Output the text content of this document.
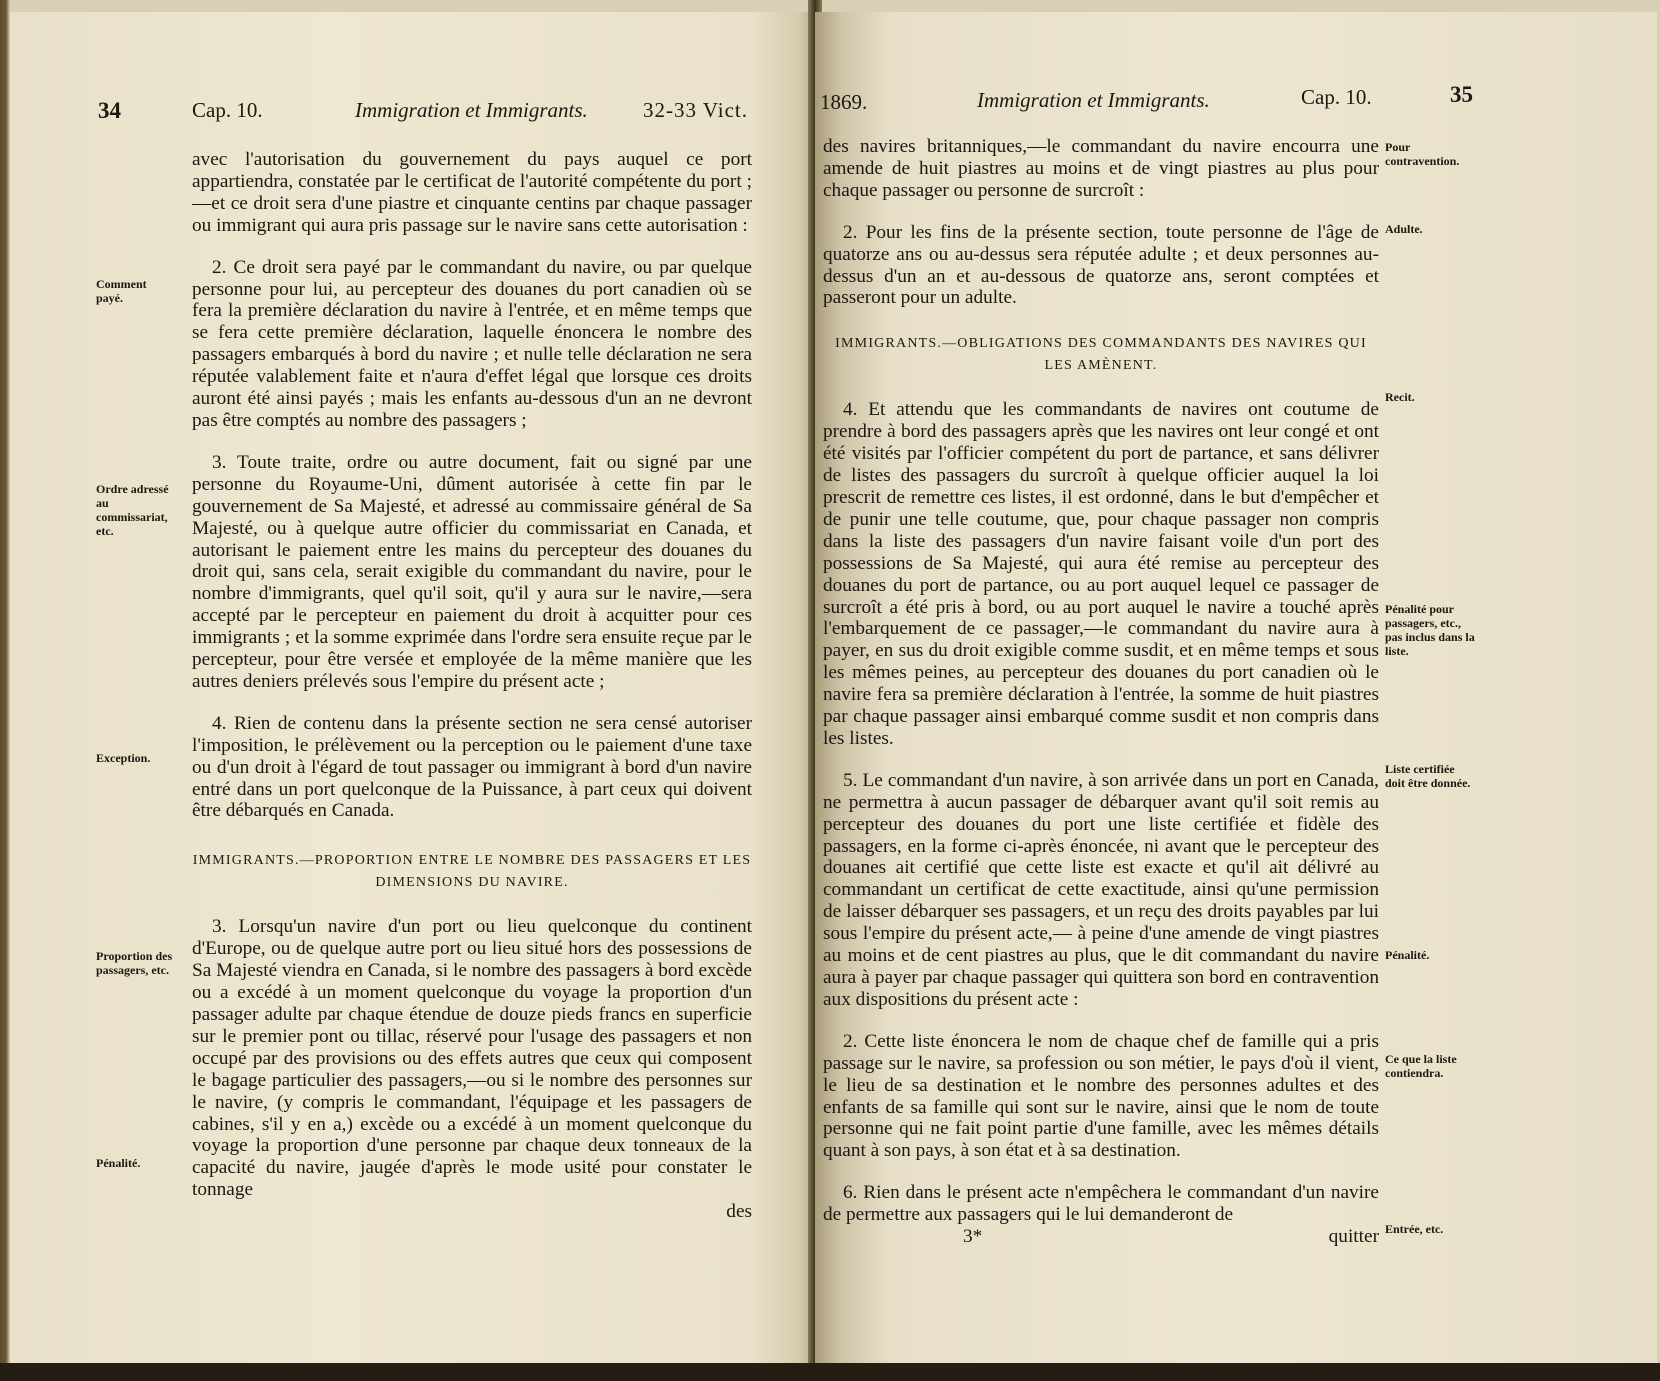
34	Cap. 10.	Immigration et Immigrants.	32-33 Vict.

avec l'autorisation du gouvernement du pays auquel ce port appartiendra, constatée par le certificat de l'autorité compétente du port ;—et ce droit sera d'une piastre et cinquante centins par chaque passager ou immigrant qui aura pris passage sur le navire sans cette autorisation :

2. Ce droit sera payé par le commandant du navire, ou par quelque personne pour lui, au percepteur des douanes du port canadien où se fera la première déclaration du navire à l'entrée, et en même temps que se fera cette première déclaration, laquelle énoncera le nombre des passagers embarqués à bord du navire ; et nulle telle déclaration ne sera réputée valablement faite et n'aura d'effet légal que lorsque ces droits auront été ainsi payés ; mais les enfants au-dessous d'un an ne devront pas être comptés au nombre des passagers ;

3. Toute traite, ordre ou autre document, fait ou signé par une personne du Royaume-Uni, dûment autorisée à cette fin par le gouvernement de Sa Majesté, et adressé au commissaire général de Sa Majesté, ou à quelque autre officier du commissariat en Canada, et autorisant le paiement entre les mains du percepteur des douanes du droit qui, sans cela, serait exigible du commandant du navire, pour le nombre d'immigrants, quel qu'il soit, qu'il y aura sur le navire,—sera accepté par le percepteur en paiement du droit à acquitter pour ces immigrants ; et la somme exprimée dans l'ordre sera ensuite reçue par le percepteur, pour être versée et employée de la même manière que les autres deniers prélevés sous l'empire du présent acte ;

4. Rien de contenu dans la présente section ne sera censé autoriser l'imposition, le prélèvement ou la perception ou le paiement d'une taxe ou d'un droit à l'égard de tout passager ou immigrant à bord d'un navire entré dans un port quelconque de la Puissance, à part ceux qui doivent être débarqués en Canada.

IMMIGRANTS.—PROPORTION ENTRE LE NOMBRE DES PASSAGERS ET LES DIMENSIONS DU NAVIRE.

3. Lorsqu'un navire d'un port ou lieu quelconque du continent d'Europe, ou de quelque autre port ou lieu situé hors des possessions de Sa Majesté viendra en Canada, si le nombre des passagers à bord excède ou a excédé à un moment quelconque du voyage la proportion d'un passager adulte par chaque étendue de douze pieds francs en superficie sur le premier pont ou tillac, réservé pour l'usage des passagers et non occupé par des provisions ou des effets autres que ceux qui composent le bagage particulier des passagers,—ou si le nombre des personnes sur le navire, (y compris le commandant, l'équipage et les passagers de cabines, s'il y en a,) excède ou a excédé à un moment quelconque du voyage la proportion d'une personne par chaque deux tonneaux de la capacité du navire, jaugée d'après le mode usité pour constater le tonnage

des
Comment payé.
Ordre adressé au commissariat, etc.
Exception.
Proportion des passagers, etc.
Pénalité.
1869.	Immigration et Immigrants.	Cap. 10.	35

des navires britanniques,—le commandant du navire encourra une amende de huit piastres au moins et de vingt piastres au plus pour chaque passager ou personne de surcroît :

2. Pour les fins de la présente section, toute personne de l'âge de quatorze ans ou au-dessus sera réputée adulte ; et deux personnes au-dessus d'un an et au-dessous de quatorze ans, seront comptées et passeront pour un adulte.

IMMIGRANTS.—OBLIGATIONS DES COMMANDANTS DES NAVIRES QUI LES AMÈNENT.

4. Et attendu que les commandants de navires ont coutume de prendre à bord des passagers après que les navires ont leur congé et ont été visités par l'officier compétent du port de partance, et sans délivrer de listes des passagers du surcroît à quelque officier auquel la loi prescrit de remettre ces listes, il est ordonné, dans le but d'empêcher et de punir une telle coutume, que, pour chaque passager non compris dans la liste des passagers d'un navire faisant voile d'un port des possessions de Sa Majesté, qui aura été remise au percepteur des douanes du port de partance, ou au port auquel lequel ce passager de surcroît a été pris à bord, ou au port auquel le navire a touché après l'embarquement de ce passager,—le commandant du navire aura à payer, en sus du droit exigible comme susdit, et en même temps et sous les mêmes peines, au percepteur des douanes du port canadien où le navire fera sa première déclaration à l'entrée, la somme de huit piastres par chaque passager ainsi embarqué comme susdit et non compris dans les listes.

5. Le commandant d'un navire, à son arrivée dans un port en Canada, ne permettra à aucun passager de débarquer avant qu'il soit remis au percepteur des douanes du port une liste certifiée et fidèle des passagers, en la forme ci-après énoncée, ni avant que le percepteur des douanes ait certifié que cette liste est exacte et qu'il ait délivré au commandant un certificat de cette exactitude, ainsi qu'une permission de laisser débarquer ses passagers, et un reçu des droits payables par lui sous l'empire du présent acte,— à peine d'une amende de vingt piastres au moins et de cent piastres au plus, que le dit commandant du navire aura à payer par chaque passager qui quittera son bord en contravention aux dispositions du présent acte :

2. Cette liste énoncera le nom de chaque chef de famille qui a pris passage sur le navire, sa profession ou son métier, le pays d'où il vient, le lieu de sa destination et le nombre des personnes adultes et des enfants de sa famille qui sont sur le navire, ainsi que le nom de toute personne qui ne fait point partie d'une famille, avec les mêmes détails quant à son pays, à son état et à sa destination.

6. Rien dans le présent acte n'empêchera le commandant d'un navire de permettre aux passagers qui le lui demanderont de

3*	quitter
Pour contravention.
Adulte.
Recit.
Pénalité pour passagers, etc., pas inclus dans la liste.
Liste certifiée doit être donnée.
Pénalité.
Ce que la liste contiendra.
Entrée, etc.
